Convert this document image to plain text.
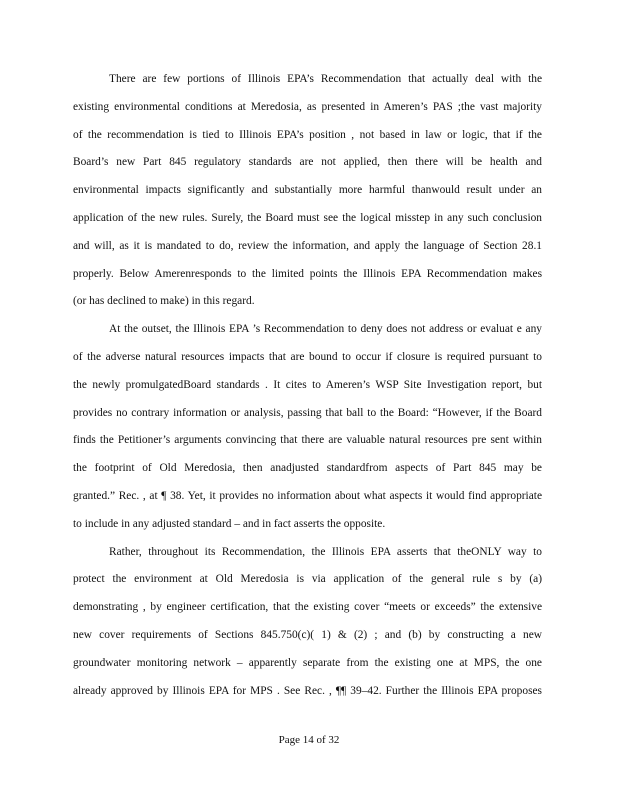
There are few portions of Illinois EPA’s Recommendation that actually deal with the
existing environmental conditions at Meredosia, as presented in Ameren’s PAS ;the vast majority
of the recommendation is tied to Illinois EPA’s position , not based in law or logic, that if the
Board’s new Part 845 regulatory standards are not applied, then there will be health and
environmental impacts significantly and substantially more harmful thanwould result under an
application of the new rules. Surely, the Board must see the logical misstep in any such conclusion
and will, as it is mandated to do, review the information, and apply the language of Section 28.1
properly. Below Amerenresponds to the limited points the Illinois EPA Recommendation makes
(or has declined to make) in this regard.
At the outset, the Illinois EPA ’s Recommendation to deny does not address or evaluat e any
of the adverse natural resources impacts that are bound to occur if closure is required pursuant to
the newly promulgatedBoard standards . It cites to Ameren’s WSP Site Investigation report, but
provides no contrary information or analysis, passing that ball to the Board: “However, if the Board
finds the Petitioner’s arguments convincing that there are valuable natural resources pre sent within
the footprint of Old Meredosia, then anadjusted standardfrom aspects of Part 845 may be
granted.” Rec. , at ¶ 38. Yet, it provides no information about what aspects it would find appropriate
to include in any adjusted standard – and in fact asserts the opposite.
Rather, throughout its Recommendation, the Illinois EPA asserts that theONLY way to
protect the environment at Old Meredosia is via application of the general rule s by (a)
demonstrating , by engineer certification, that the existing cover “meets or exceeds” the extensive
new cover requirements of Sections 845.750(c)( 1) & (2) ; and (b) by constructing a new
groundwater monitoring network – apparently separate from the existing one at MPS, the one
already approved by Illinois EPA for MPS . See Rec. , ¶¶ 39–42. Further the Illinois EPA proposes
Page 14 of 32
